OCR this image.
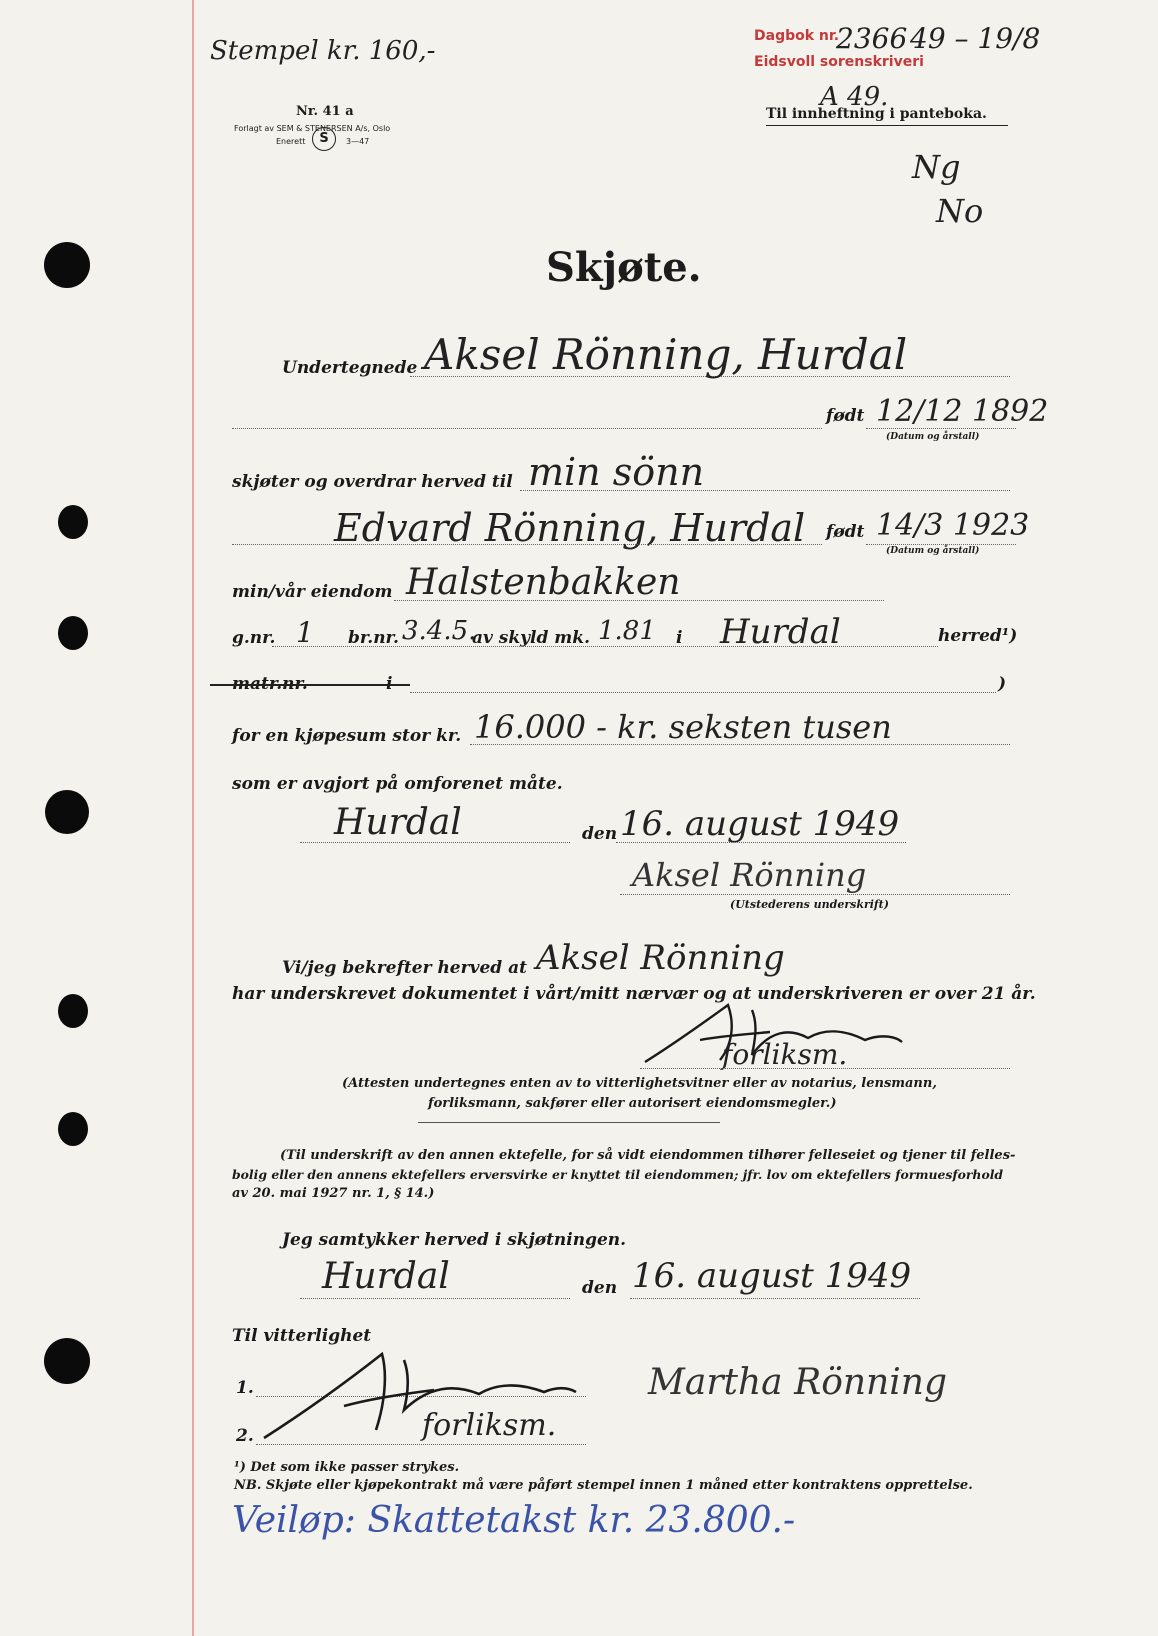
Stempel kr. 160,-
Nr. 41 a
Forlagt av SEM & STENERSEN A/s, Oslo
Enerett	S	3—47
Dagbok nr.
2366 49 – 19/8
Eidsvoll sorenskriveri
A 49.
Til innheftning i panteboka.
Ng
No
Skjøte.
Undertegnede Aksel Rönning, Hurdal
født 12/12 1892
(Datum og årstall)
skjøter og overdrar herved til min sönn
Edvard Rönning, Hurdal født 14/3 1923
(Datum og årstall)
min/vår eiendom Halstenbakken
g.nr. 1 br.nr. 3.4.5.
av skyld mk. 1.81 i Hurdal	herred¹)
matr.nr.	i	)
for en kjøpesum stor kr. 16.000 - kr. seksten tusen
som er avgjort på omforenet måte.
Hurdal	den 16. august 1949
Aksel Rönning
(Utstederens underskrift)
Vi/jeg bekrefter herved at Aksel Rönning
har underskrevet dokumentet i vårt/mitt nærvær og at underskriveren er over 21 år.
forliksm.
(Attesten undertegnes enten av to vitterlighetsvitner eller av notarius, lensmann,
forliksmann, sakfører eller autorisert eiendomsmegler.)
(Til underskrift av den annen ektefelle, for så vidt eiendommen tilhører felleseiet og tjener til felles-
bolig eller den annens ektefellers erversvirke er knyttet til eiendommen; jfr. lov om ektefellers formuesforhold
av 20. mai 1927 nr. 1, § 14.)
Jeg samtykker herved i skjøtningen.
Hurdal	den 16. august 1949
Til vitterlighet
1.
2.	forliksm.
Martha Rönning
¹) Det som ikke passer strykes.
NB. Skjøte eller kjøpekontrakt må være påført stempel innen 1 måned etter kontraktens opprettelse.
Veiløp: Skattetakst kr. 23.800.-
